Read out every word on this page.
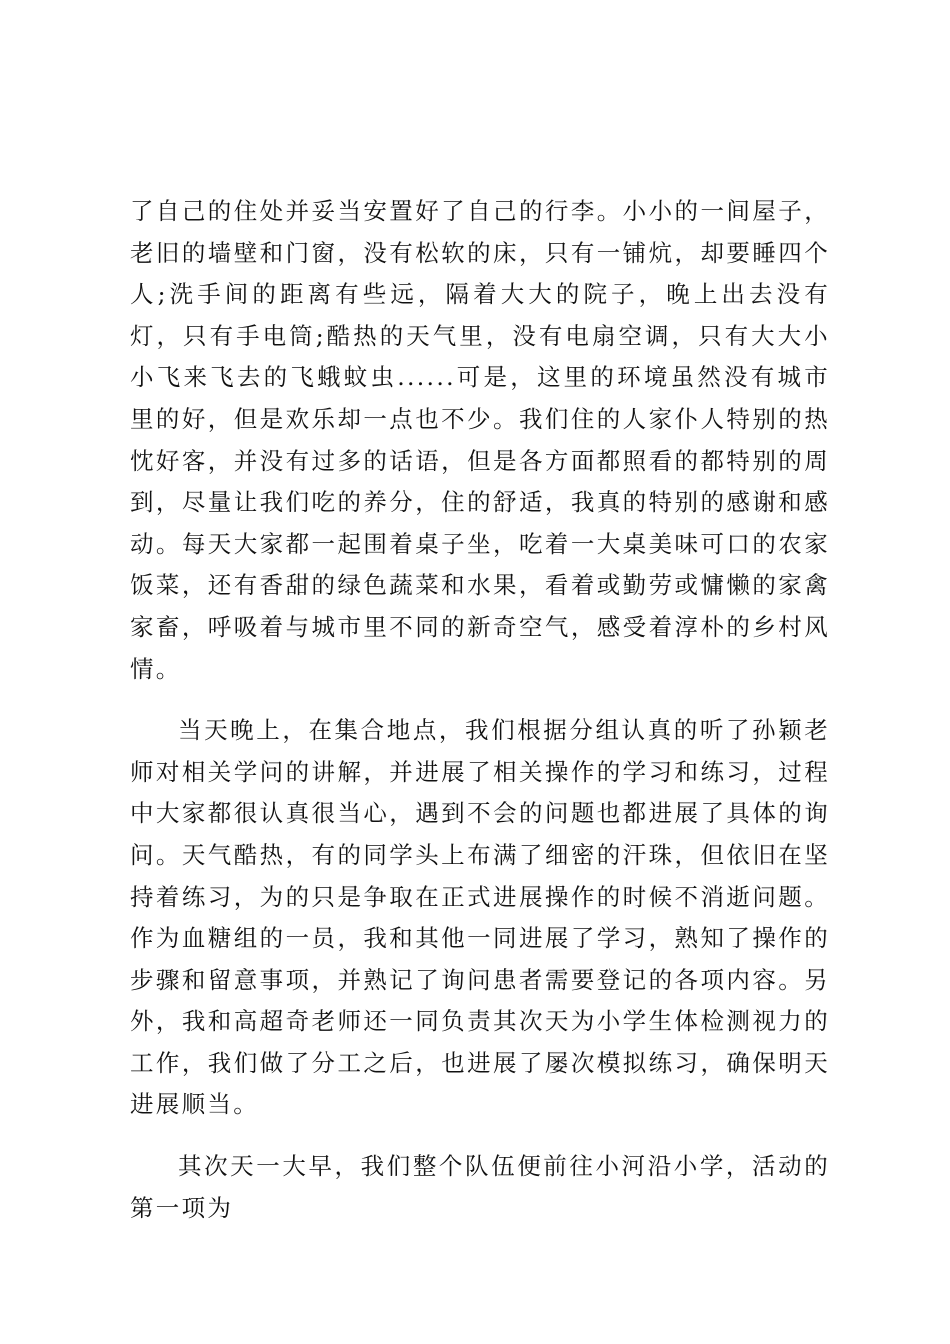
了自己的住处并妥当安置好了自己的行李。小小的一间屋子，老旧的墙壁和门窗，没有松软的床，只有一铺炕，却要睡四个人;洗手间的距离有些远，隔着大大的院子，晚上出去没有灯，只有手电筒;酷热的天气里，没有电扇空调，只有大大小小飞来飞去的飞蛾蚊虫......可是，这里的环境虽然没有城市里的好，但是欢乐却一点也不少。我们住的人家仆人特别的热忱好客，并没有过多的话语，但是各方面都照看的都特别的周到，尽量让我们吃的养分，住的舒适，我真的特别的感谢和感动。每天大家都一起围着桌子坐，吃着一大桌美味可口的农家饭菜，还有香甜的绿色蔬菜和水果，看着或勤劳或慵懒的家禽家畜，呼吸着与城市里不同的新奇空气，感受着淳朴的乡村风情。

当天晚上，在集合地点，我们根据分组认真的听了孙颖老师对相关学问的讲解，并进展了相关操作的学习和练习，过程中大家都很认真很当心，遇到不会的问题也都进展了具体的询问。天气酷热，有的同学头上布满了细密的汗珠，但依旧在坚持着练习，为的只是争取在正式进展操作的时候不消逝问题。作为血糖组的一员，我和其他一同进展了学习，熟知了操作的步骤和留意事项，并熟记了询问患者需要登记的各项内容。另外，我和高超奇老师还一同负责其次天为小学生体检测视力的工作，我们做了分工之后，也进展了屡次模拟练习，确保明天进展顺当。

其次天一大早，我们整个队伍便前往小河沿小学，活动的第一项为
